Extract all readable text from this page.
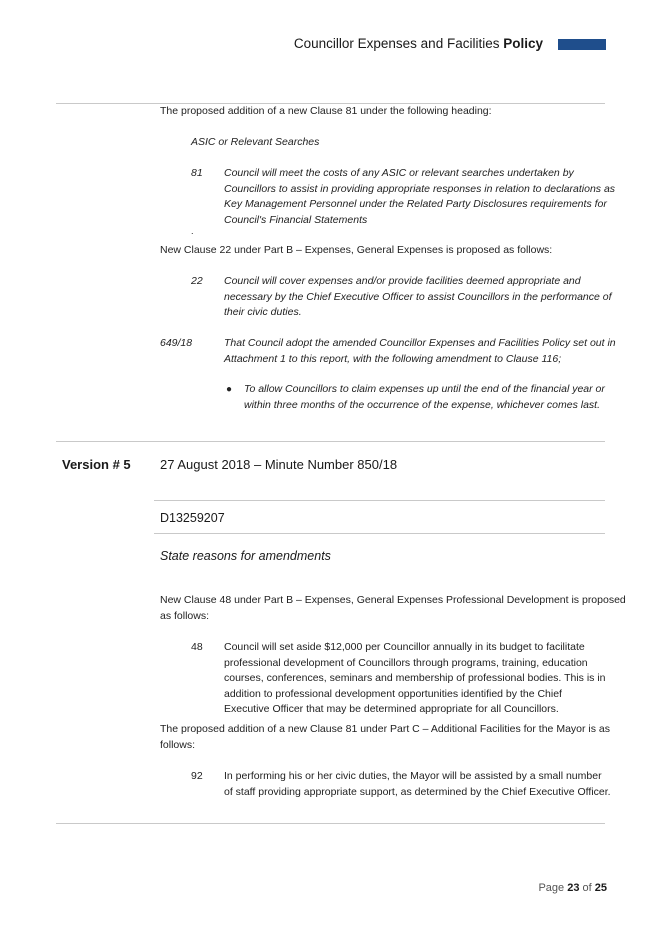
Councillor Expenses and Facilities Policy
The proposed addition of a new Clause 81 under the following heading:
ASIC or Relevant Searches
81 Council will meet the costs of any ASIC or relevant searches undertaken by
Councillors to assist in providing appropriate responses in relation to declarations as
Key Management Personnel under the Related Party Disclosures requirements for
Council's Financial Statements
.
New Clause 22 under Part B – Expenses, General Expenses is proposed as follows:
22 Council will cover expenses and/or provide facilities deemed appropriate and
necessary by the Chief Executive Officer to assist Councillors in the performance of
their civic duties.
649/18	That Council adopt the amended Councillor Expenses and Facilities Policy set out in
Attachment 1 to this report, with the following amendment to Clause 116;
● To allow Councillors to claim expenses up until the end of the financial year or
within three months of the occurrence of the expense, whichever comes last.
Version # 5 27 August 2018 – Minute Number 850/18
D13259207
State reasons for amendments
New Clause 48 under Part B – Expenses, General Expenses Professional Development is proposed
as follows:
48 Council will set aside $12,000 per Councillor annually in its budget to facilitate
professional development of Councillors through programs, training, education
courses, conferences, seminars and membership of professional bodies. This is in
addition to professional development opportunities identified by the Chief
Executive Officer that may be determined appropriate for all Councillors.
The proposed addition of a new Clause 81 under Part C – Additional Facilities for the Mayor is as
follows:
92 In performing his or her civic duties, the Mayor will be assisted by a small number
of staff providing appropriate support, as determined by the Chief Executive Officer.
Page 23 of 25
